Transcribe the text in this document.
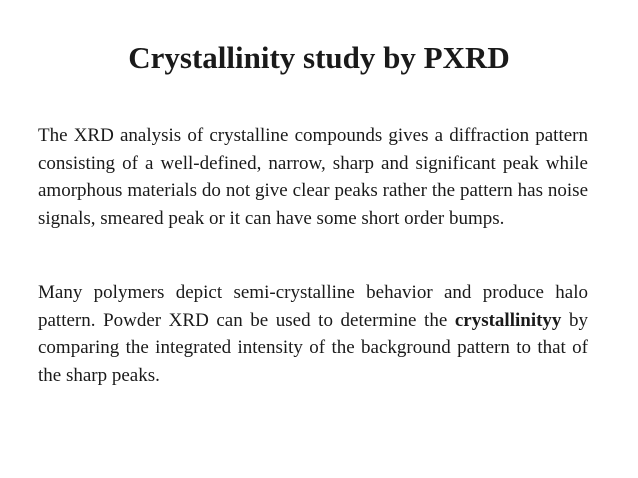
Crystallinity study by PXRD

The XRD analysis of crystalline compounds gives a diffraction pattern consisting of a well-defined, narrow, sharp and significant peak while amorphous materials do not give clear peaks rather the pattern has noise signals, smeared peak or it can have some short order bumps.

Many polymers depict semi-crystalline behavior and produce halo pattern. Powder XRD can be used to determine the crystallinityy by comparing the integrated intensity of the background pattern to that of the sharp peaks.
